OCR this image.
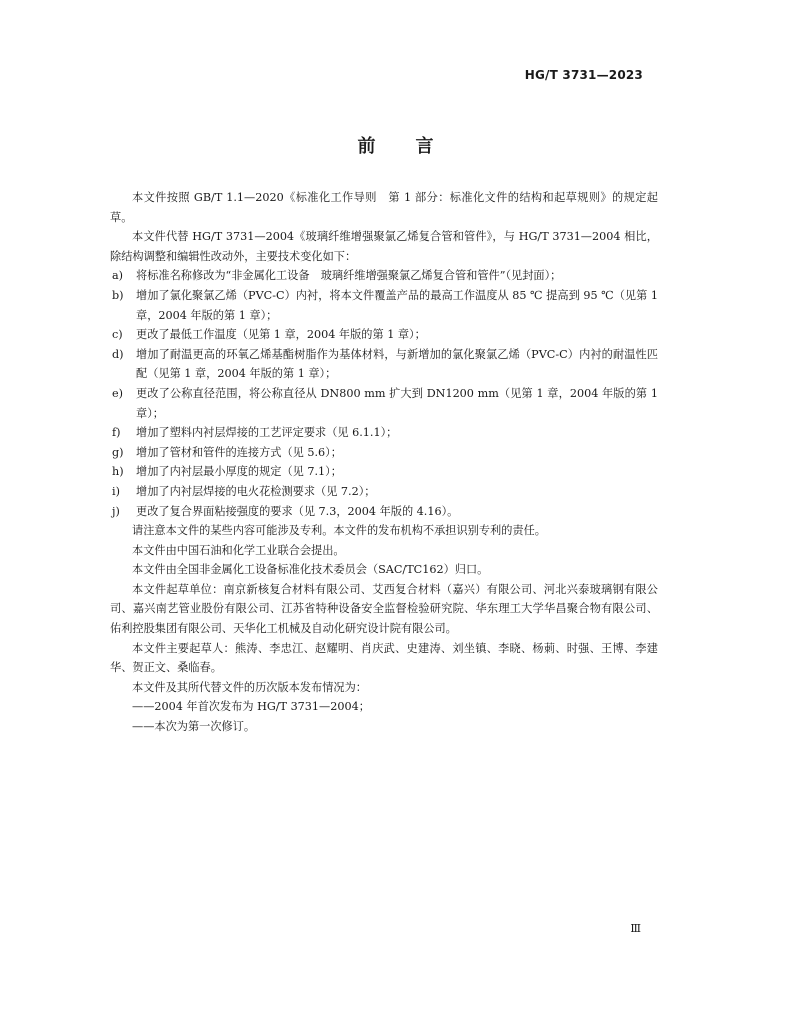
HG/T 3731—2023
前言

本文件按照 GB/T 1.1—2020《标准化工作导则　第 1 部分：标准化文件的结构和起草规则》的规定起草。

本文件代替 HG/T 3731—2004《玻璃纤维增强聚氯乙烯复合管和管件》，与 HG/T 3731—2004 相比，除结构调整和编辑性改动外，主要技术变化如下：

a)	将标准名称修改为“非金属化工设备　玻璃纤维增强聚氯乙烯复合管和管件”（见封面）；
b)	增加了氯化聚氯乙烯（PVC-C）内衬，将本文件覆盖产品的最高工作温度从 85 ℃ 提高到 95 ℃（见第 1 章，2004 年版的第 1 章）；
c)	更改了最低工作温度（见第 1 章，2004 年版的第 1 章）；
d)	增加了耐温更高的环氧乙烯基酯树脂作为基体材料，与新增加的氯化聚氯乙烯（PVC-C）内衬的耐温性匹配（见第 1 章，2004 年版的第 1 章）；
e)	更改了公称直径范围，将公称直径从 DN800 mm 扩大到 DN1200 mm（见第 1 章，2004 年版的第 1 章）；
f)	增加了塑料内衬层焊接的工艺评定要求（见 6.1.1）；
g)	增加了管材和管件的连接方式（见 5.6）；
h)	增加了内衬层最小厚度的规定（见 7.1）；
i)	增加了内衬层焊接的电火花检测要求（见 7.2）；
j)	更改了复合界面粘接强度的要求（见 7.3，2004 年版的 4.16）。

请注意本文件的某些内容可能涉及专利。本文件的发布机构不承担识别专利的责任。

本文件由中国石油和化学工业联合会提出。

本文件由全国非金属化工设备标准化技术委员会（SAC/TC162）归口。

本文件起草单位：南京新核复合材料有限公司、艾西复合材料（嘉兴）有限公司、河北兴泰玻璃钢有限公司、嘉兴南艺管业股份有限公司、江苏省特种设备安全监督检验研究院、华东理工大学华昌聚合物有限公司、佑利控股集团有限公司、天华化工机械及自动化研究设计院有限公司。

本文件主要起草人：熊涛、李忠江、赵耀明、肖庆武、史建涛、刘坐镇、李晓、杨莿、时强、王博、李建华、贺正文、桑临春。

本文件及其所代替文件的历次版本发布情况为：

——2004 年首次发布为 HG/T 3731—2004；

——本次为第一次修订。

Ⅲ
